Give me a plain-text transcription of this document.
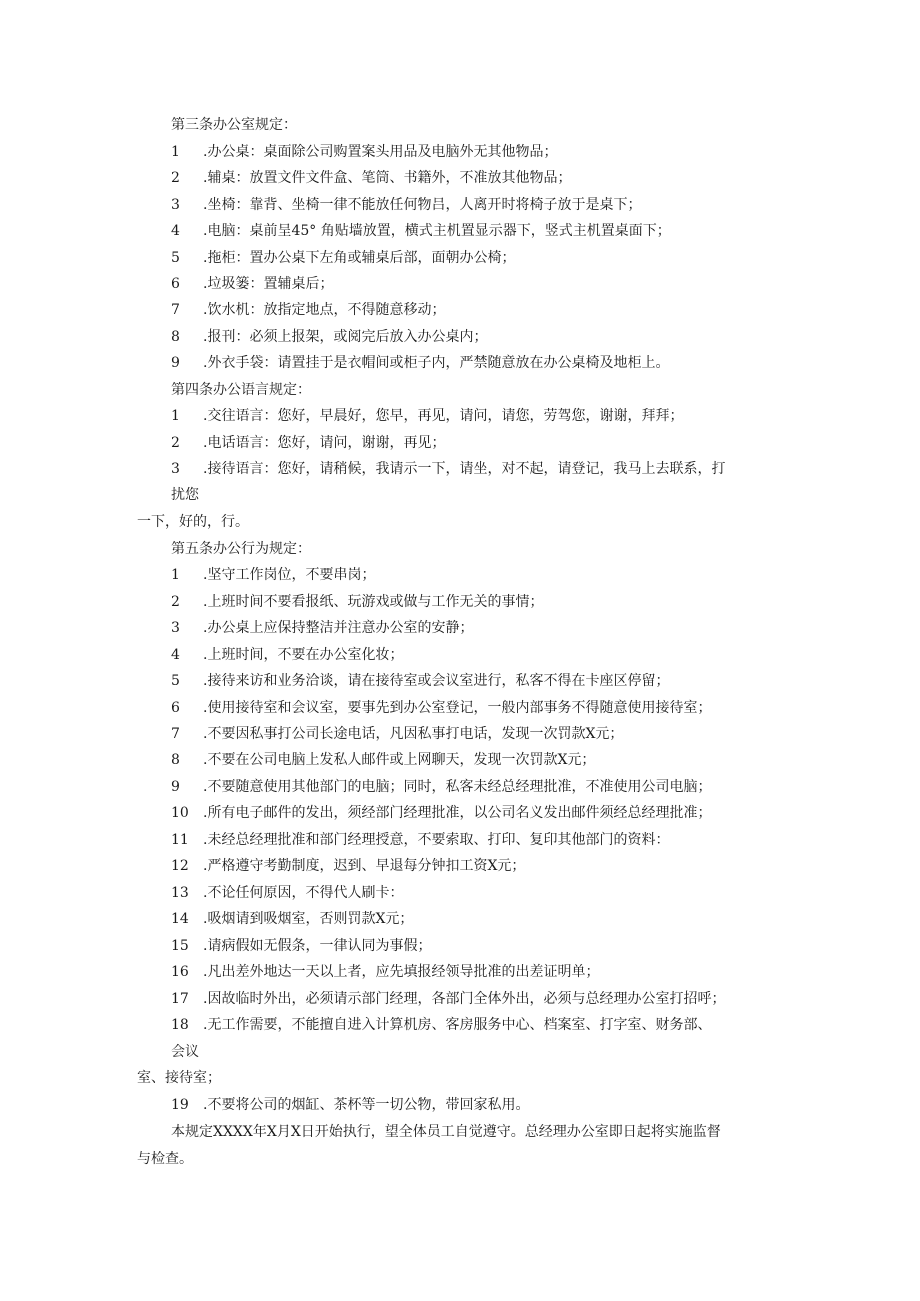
第三条办公室规定：
1 .办公桌：桌面除公司购置案头用品及电脑外无其他物品；
2 .辅桌：放置文件文件盒、笔筒、书籍外，不准放其他物品；
3 .坐椅：靠背、坐椅一律不能放任何物吕，人离开时将椅子放于是桌下；
4 .电脑：桌前呈45° 角贴墙放置，横式主机置显示器下，竖式主机置桌面下；
5 .拖柜：置办公桌下左角或辅桌后部，面朝办公椅；
6 .垃圾篓：置辅桌后；
7 .饮水机：放指定地点，不得随意移动；
8 .报刊：必须上报架，或阅完后放入办公桌内；
9 .外衣手袋：请置挂于是衣帽间或柜子内，严禁随意放在办公桌椅及地柜上。
第四条办公语言规定：
1 .交往语言：您好，早晨好，您早，再见，请问，请您，劳驾您，谢谢，拜拜；
2 .电话语言：您好，请问，谢谢，再见；
3 .接待语言：您好，请稍候，我请示一下，请坐，对不起，请登记，我马上去联系，打
扰您
一下，好的，行。
第五条办公行为规定：
1 .坚守工作岗位，不要串岗；
2 .上班时间不要看报纸、玩游戏或做与工作无关的事情；
3 .办公桌上应保持整洁并注意办公室的安静；
4 .上班时间，不要在办公室化妆；
5 .接待来访和业务洽谈，请在接待室或会议室进行，私客不得在卡座区停留；
6 .使用接待室和会议室，要事先到办公室登记，一般内部事务不得随意使用接待室；
7 .不要因私事打公司长途电话，凡因私事打电话，发现一次罚款X元；
8 .不要在公司电脑上发私人邮件或上网聊天，发现一次罚款X元；
9 .不要随意使用其他部门的电脑；同时，私客未经总经理批准，不准使用公司电脑；
10 .所有电子邮件的发出，须经部门经理批准，以公司名义发出邮件须经总经理批准；
11 .未经总经理批准和部门经理授意，不要索取、打印、复印其他部门的资料：
12 .严格遵守考勤制度，迟到、早退每分钟扣工资X元；
13 .不论任何原因，不得代人刷卡：
14 .吸烟请到吸烟室，否则罚款X元；
15 .请病假如无假条，一律认同为事假；
16 .凡出差外地达一天以上者，应先填报经领导批准的出差证明单；
17 .因故临时外出，必须请示部门经理，各部门全体外出，必须与总经理办公室打招呼；
18 .无工作需要，不能擅自进入计算机房、客房服务中心、档案室、打字室、财务部、
会议
室、接待室；
19 .不要将公司的烟缸、茶杯等一切公物，带回家私用。
本规定XXXX年X月X日开始执行，望全体员工自觉遵守。总经理办公室即日起将实施监督
与检查。
